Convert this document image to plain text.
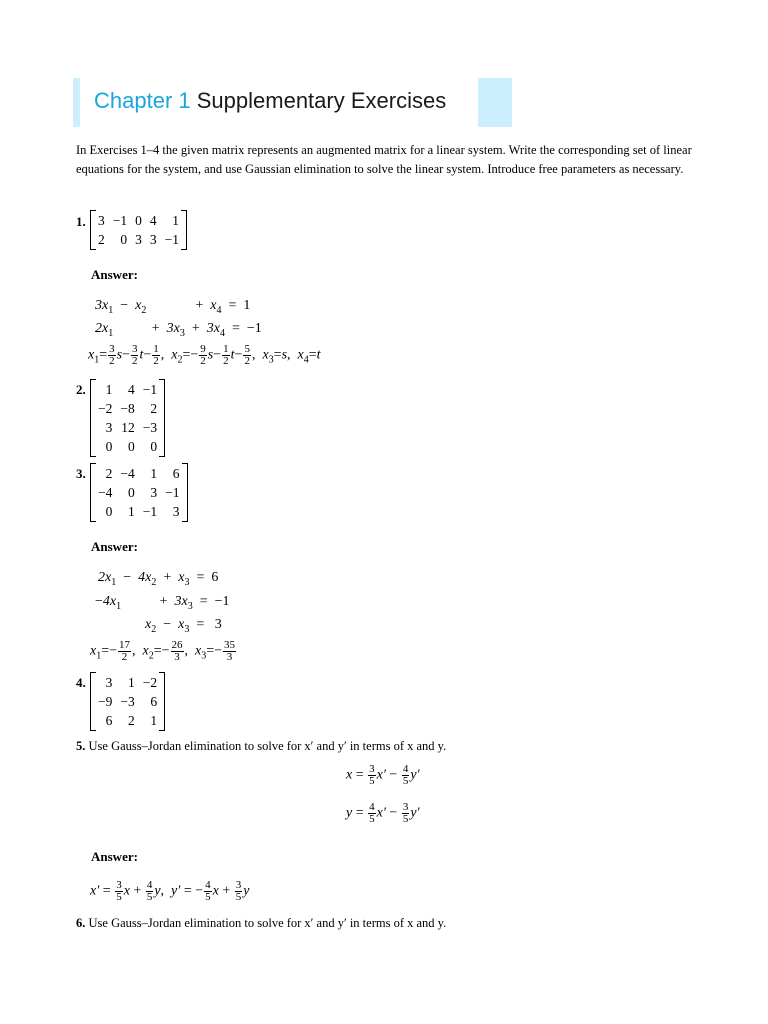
Chapter 1 Supplementary Exercises
In Exercises 1–4 the given matrix represents an augmented matrix for a linear system. Write the corresponding set of linear equations for the system, and use Gaussian elimination to solve the linear system. Introduce free parameters as necessary.
1. 3	−1	0	4	1
2	0	3	3	−1
Answer:
$3x_1 - x_2$              +  $x_4 = 1$
$2x_1$           +  $3x_3 + 3x_4 = -1$
$x_1= \frac{3}{2} s- \frac{3}{2} t- \frac{1}{2}$ ,  $x_2=- \frac{9}{2} s- \frac{1}{2} t- \frac{5}{2}$ ,  $x_3=s$,  $x_4=t$
2. 1	4	−1
−2	−8	2
3	12	−3
0	0	0
3. 2	−4	1	6
−4	0	3	−1
0	1	−1	3
Answer:
$2x_1 - 4x_2 + x_3 = 6$
$-4x_1$           +  $3x_3 = -1$
$x_2 - x_3 = 3$
$x_1=- \frac{17}{2}$ ,  $x_2=- \frac{26}{3}$ ,  $x_3=- \frac{35}{3}$
4. 3	1	−2
−9	−3	6
6	2	1
5. Use Gauss–Jordan elimination to solve for x′ and y′ in terms of x and y.
$x = \frac{3}{5} x' - \frac{4}{5} y'$
$y = \frac{4}{5} x' - \frac{3}{5} y'$
Answer:
$x' = \frac{3}{5}$ $x + \frac{4}{5} y$,  y′ = − $\frac{4}{5}$ $x + \frac{3}{5}$ y
6. Use Gauss–Jordan elimination to solve for x′ and y′ in terms of x and y.
